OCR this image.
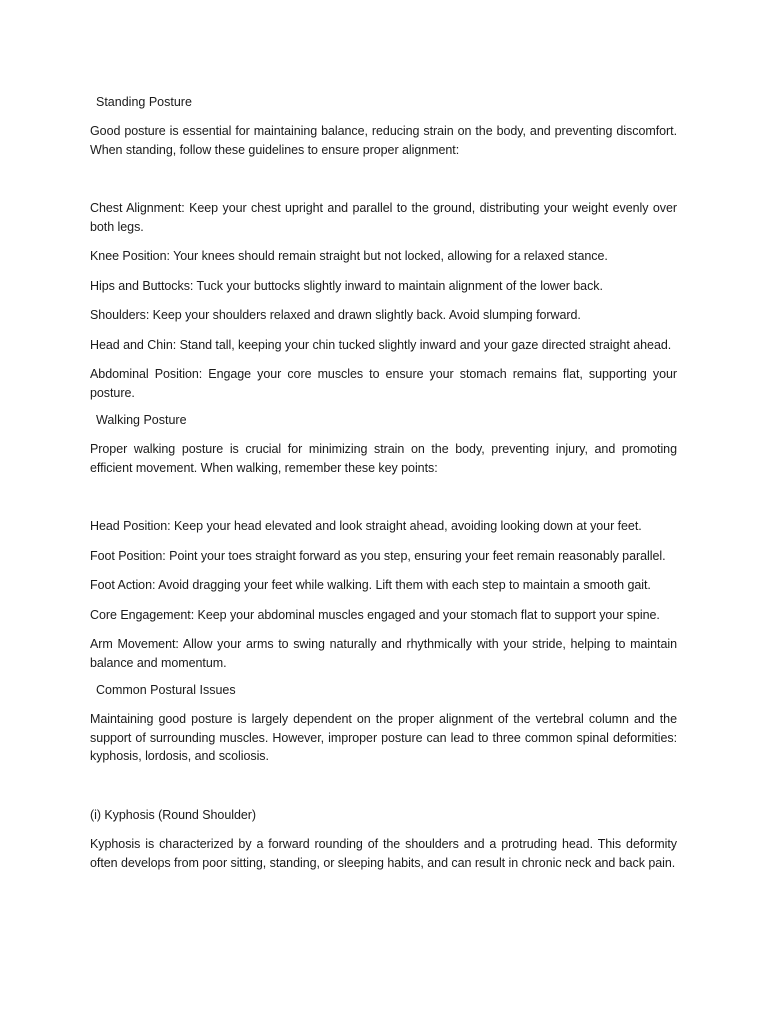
Standing Posture

Good posture is essential for maintaining balance, reducing strain on the body, and preventing discomfort. When standing, follow these guidelines to ensure proper alignment:

Chest Alignment: Keep your chest upright and parallel to the ground, distributing your weight evenly over both legs.

Knee Position: Your knees should remain straight but not locked, allowing for a relaxed stance.

Hips and Buttocks: Tuck your buttocks slightly inward to maintain alignment of the lower back.

Shoulders: Keep your shoulders relaxed and drawn slightly back. Avoid slumping forward.

Head and Chin: Stand tall, keeping your chin tucked slightly inward and your gaze directed straight ahead.

Abdominal Position: Engage your core muscles to ensure your stomach remains flat, supporting your posture.

Walking Posture

Proper walking posture is crucial for minimizing strain on the body, preventing injury, and promoting efficient movement. When walking, remember these key points:

Head Position: Keep your head elevated and look straight ahead, avoiding looking down at your feet.

Foot Position: Point your toes straight forward as you step, ensuring your feet remain reasonably parallel.

Foot Action: Avoid dragging your feet while walking. Lift them with each step to maintain a smooth gait.

Core Engagement: Keep your abdominal muscles engaged and your stomach flat to support your spine.

Arm Movement: Allow your arms to swing naturally and rhythmically with your stride, helping to maintain balance and momentum.

Common Postural Issues

Maintaining good posture is largely dependent on the proper alignment of the vertebral column and the support of surrounding muscles. However, improper posture can lead to three common spinal deformities: kyphosis, lordosis, and scoliosis.

(i) Kyphosis (Round Shoulder)

Kyphosis is characterized by a forward rounding of the shoulders and a protruding head. This deformity often develops from poor sitting, standing, or sleeping habits, and can result in chronic neck and back pain.
